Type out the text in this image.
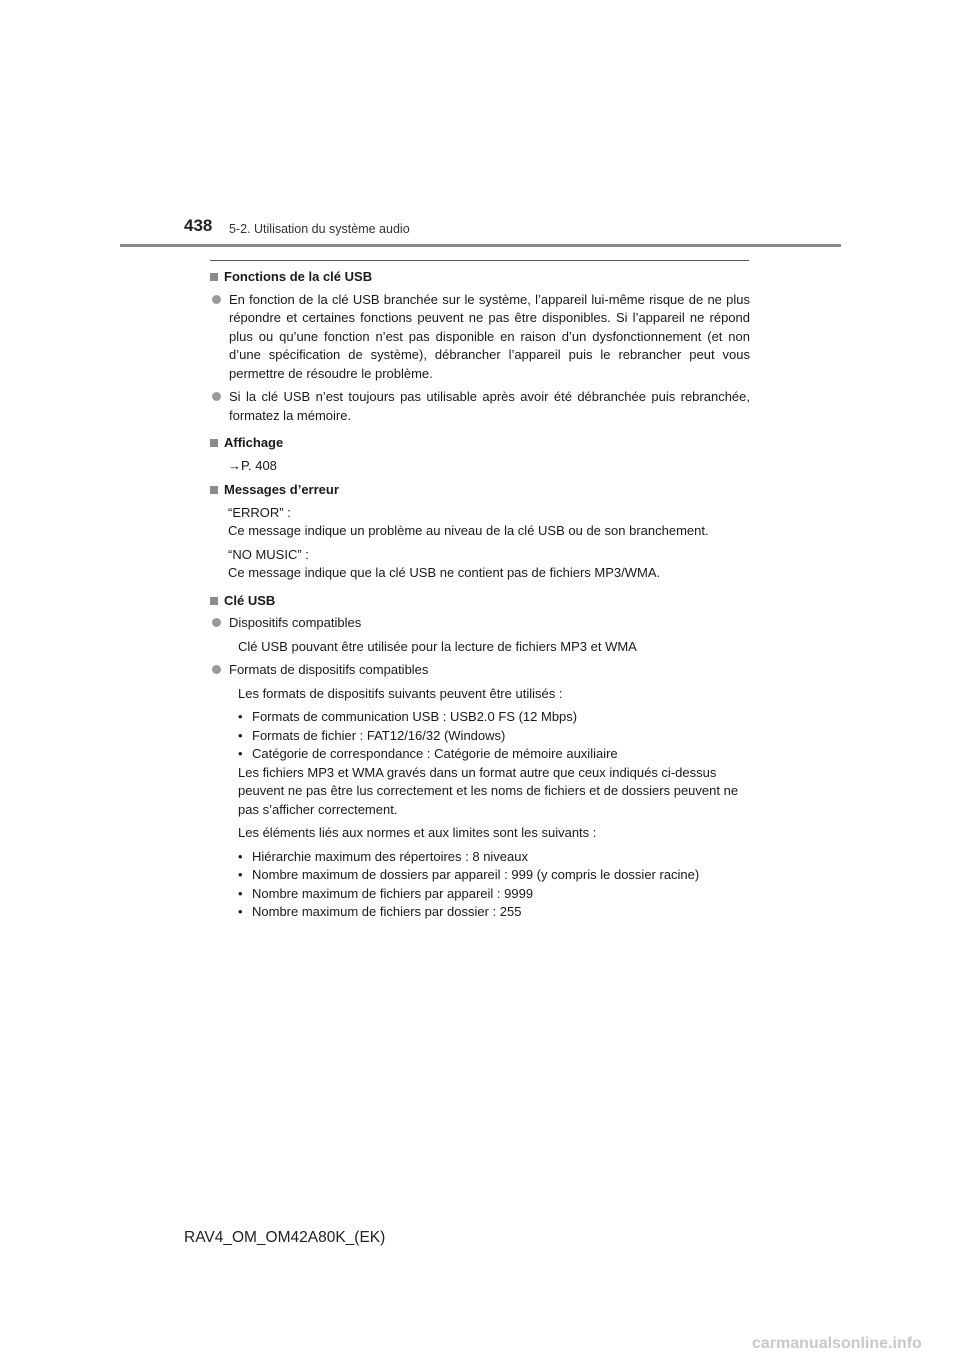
438 5-2. Utilisation du système audio
Fonctions de la clé USB
En fonction de la clé USB branchée sur le système, l’appareil lui-même risque de ne plus répondre et certaines fonctions peuvent ne pas être disponibles. Si l’appareil ne répond plus ou qu’une fonction n’est pas disponible en raison d’un dysfonctionnement (et non d’une spécification de système), débrancher l’appareil puis le rebrancher peut vous permettre de résoudre le problème.
Si la clé USB n’est toujours pas utilisable après avoir été débranchée puis rebranchée, formatez la mémoire.
Affichage
→P. 408
Messages d’erreur
“ERROR” :
Ce message indique un problème au niveau de la clé USB ou de son branchement.
“NO MUSIC” :
Ce message indique que la clé USB ne contient pas de fichiers MP3/WMA.
Clé USB
Dispositifs compatibles
Clé USB pouvant être utilisée pour la lecture de fichiers MP3 et WMA
Formats de dispositifs compatibles
Les formats de dispositifs suivants peuvent être utilisés :
• Formats de communication USB : USB2.0 FS (12 Mbps)
• Formats de fichier : FAT12/16/32 (Windows)
• Catégorie de correspondance : Catégorie de mémoire auxiliaire
Les fichiers MP3 et WMA gravés dans un format autre que ceux indiqués ci-dessus peuvent ne pas être lus correctement et les noms de fichiers et de dossiers peuvent ne pas s’afficher correctement.
Les éléments liés aux normes et aux limites sont les suivants :
• Hiérarchie maximum des répertoires : 8 niveaux
• Nombre maximum de dossiers par appareil : 999 (y compris le dossier racine)
• Nombre maximum de fichiers par appareil : 9999
• Nombre maximum de fichiers par dossier : 255
RAV4_OM_OM42A80K_(EK)
carmanualsonline.info
